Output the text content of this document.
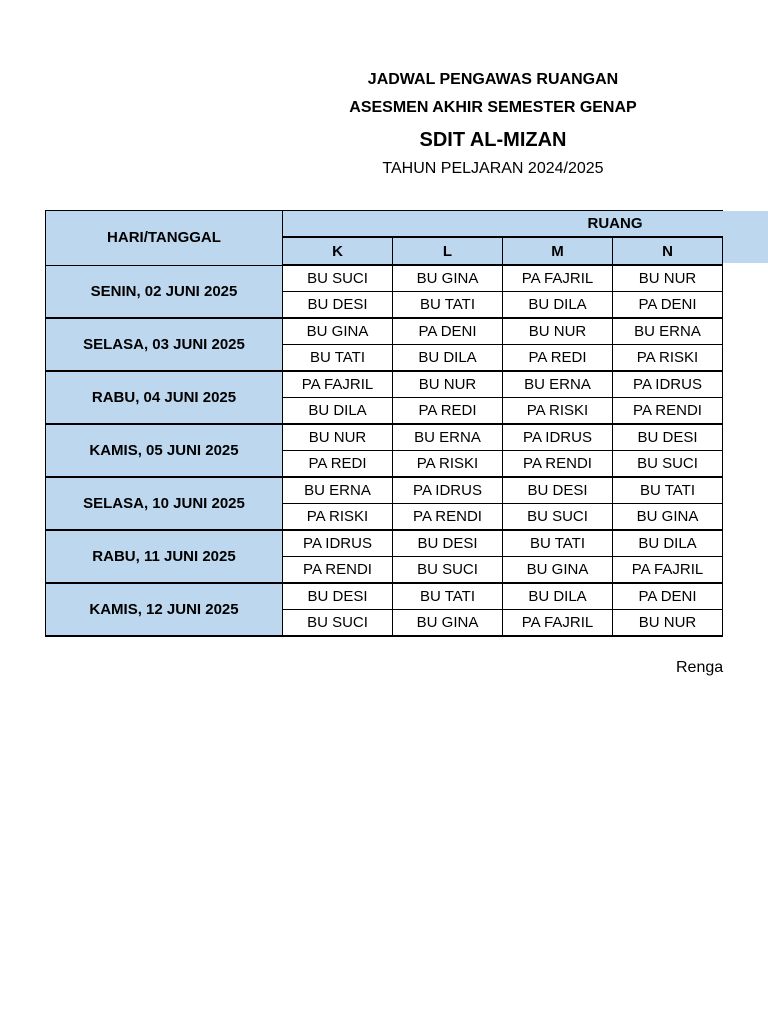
JADWAL PENGAWAS RUANGAN
ASESMEN AKHIR SEMESTER GENAP
SDIT AL-MIZAN
TAHUN PELJARAN 2024/2025
HARI/TANGGAL	RUANG			
	K	L	M	N
SENIN, 02 JUNI 2025	BU SUCI	BU GINA	PA FAJRIL	BU NUR
	BU DESI	BU TATI	BU DILA	PA DENI
SELASA, 03 JUNI 2025	BU GINA	PA DENI	BU NUR	BU ERNA
	BU TATI	BU DILA	PA REDI	PA RISKI
RABU, 04 JUNI 2025	PA FAJRIL	BU NUR	BU ERNA	PA IDRUS
	BU DILA	PA REDI	PA RISKI	PA RENDI
KAMIS, 05 JUNI 2025	BU NUR	BU ERNA	PA IDRUS	BU DESI
	PA REDI	PA RISKI	PA RENDI	BU SUCI
SELASA, 10 JUNI 2025	BU ERNA	PA IDRUS	BU DESI	BU TATI
	PA RISKI	PA RENDI	BU SUCI	BU GINA
RABU, 11 JUNI 2025	PA IDRUS	BU DESI	BU TATI	BU DILA
	PA RENDI	BU SUCI	BU GINA	PA FAJRIL
KAMIS, 12 JUNI 2025	BU DESI	BU TATI	BU DILA	PA DENI
	BU SUCI	BU GINA	PA FAJRIL	BU NUR
Renga
